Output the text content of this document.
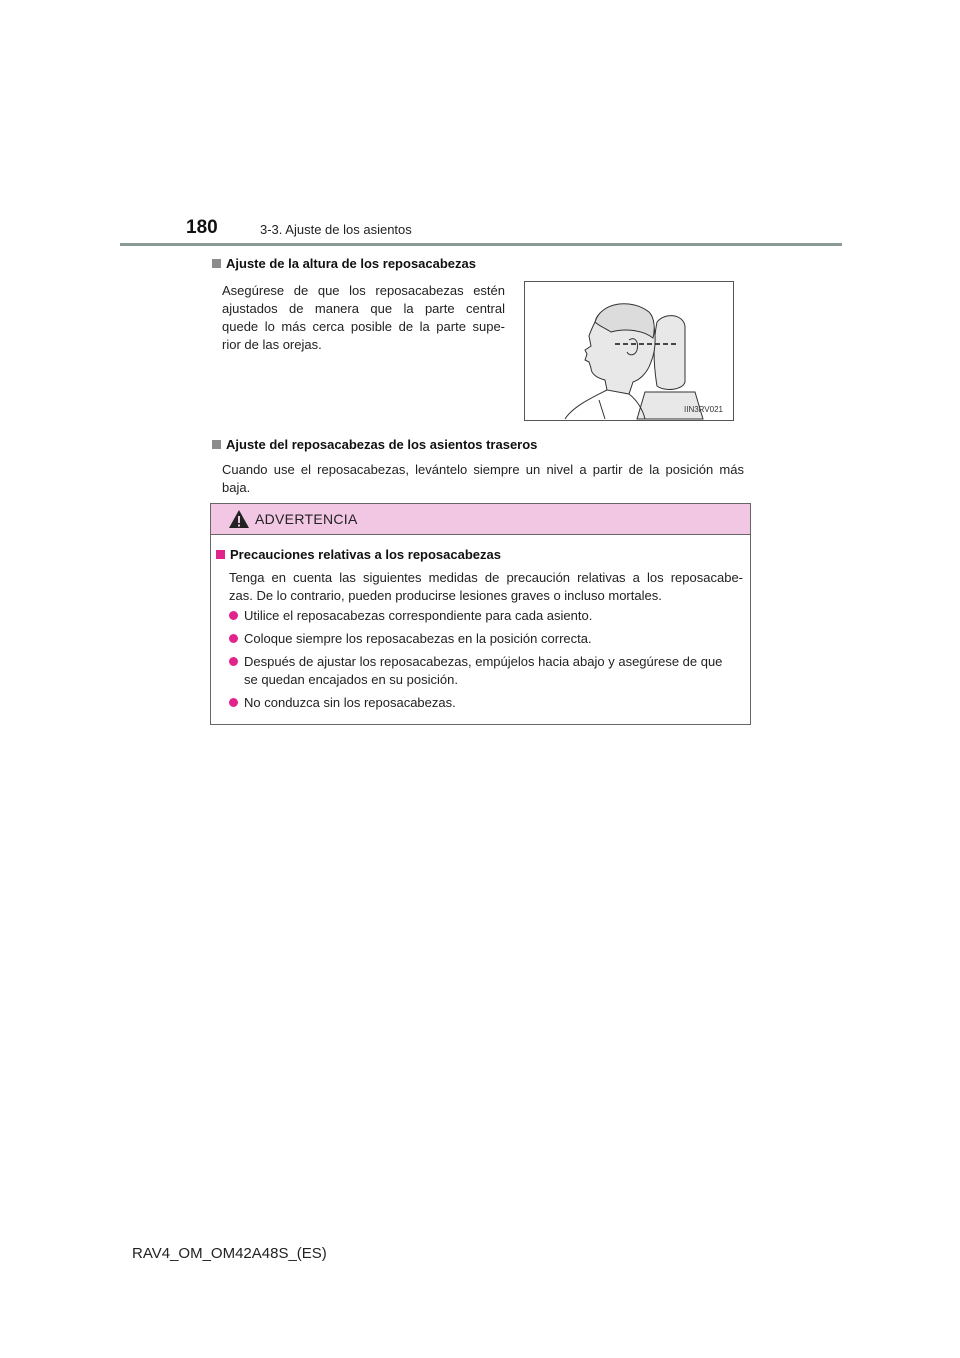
180	3-3. Ajuste de los asientos
Ajuste de la altura de los reposacabezas
Asegúrese de que los reposacabezas estén
ajustados de manera que la parte central
quede lo más cerca posible de la parte supe-
rior de las orejas.
IIN3RV021
Ajuste del reposacabezas de los asientos traseros
Cuando use el reposacabezas, levántelo siempre un nivel a partir de la posición más
baja.
ADVERTENCIA
Precauciones relativas a los reposacabezas
Tenga en cuenta las siguientes medidas de precaución relativas a los reposacabe-
zas. De lo contrario, pueden producirse lesiones graves o incluso mortales.
Utilice el reposacabezas correspondiente para cada asiento.
Coloque siempre los reposacabezas en la posición correcta.
Después de ajustar los reposacabezas, empújelos hacia abajo y asegúrese de que
se quedan encajados en su posición.
No conduzca sin los reposacabezas.
RAV4_OM_OM42A48S_(ES)
